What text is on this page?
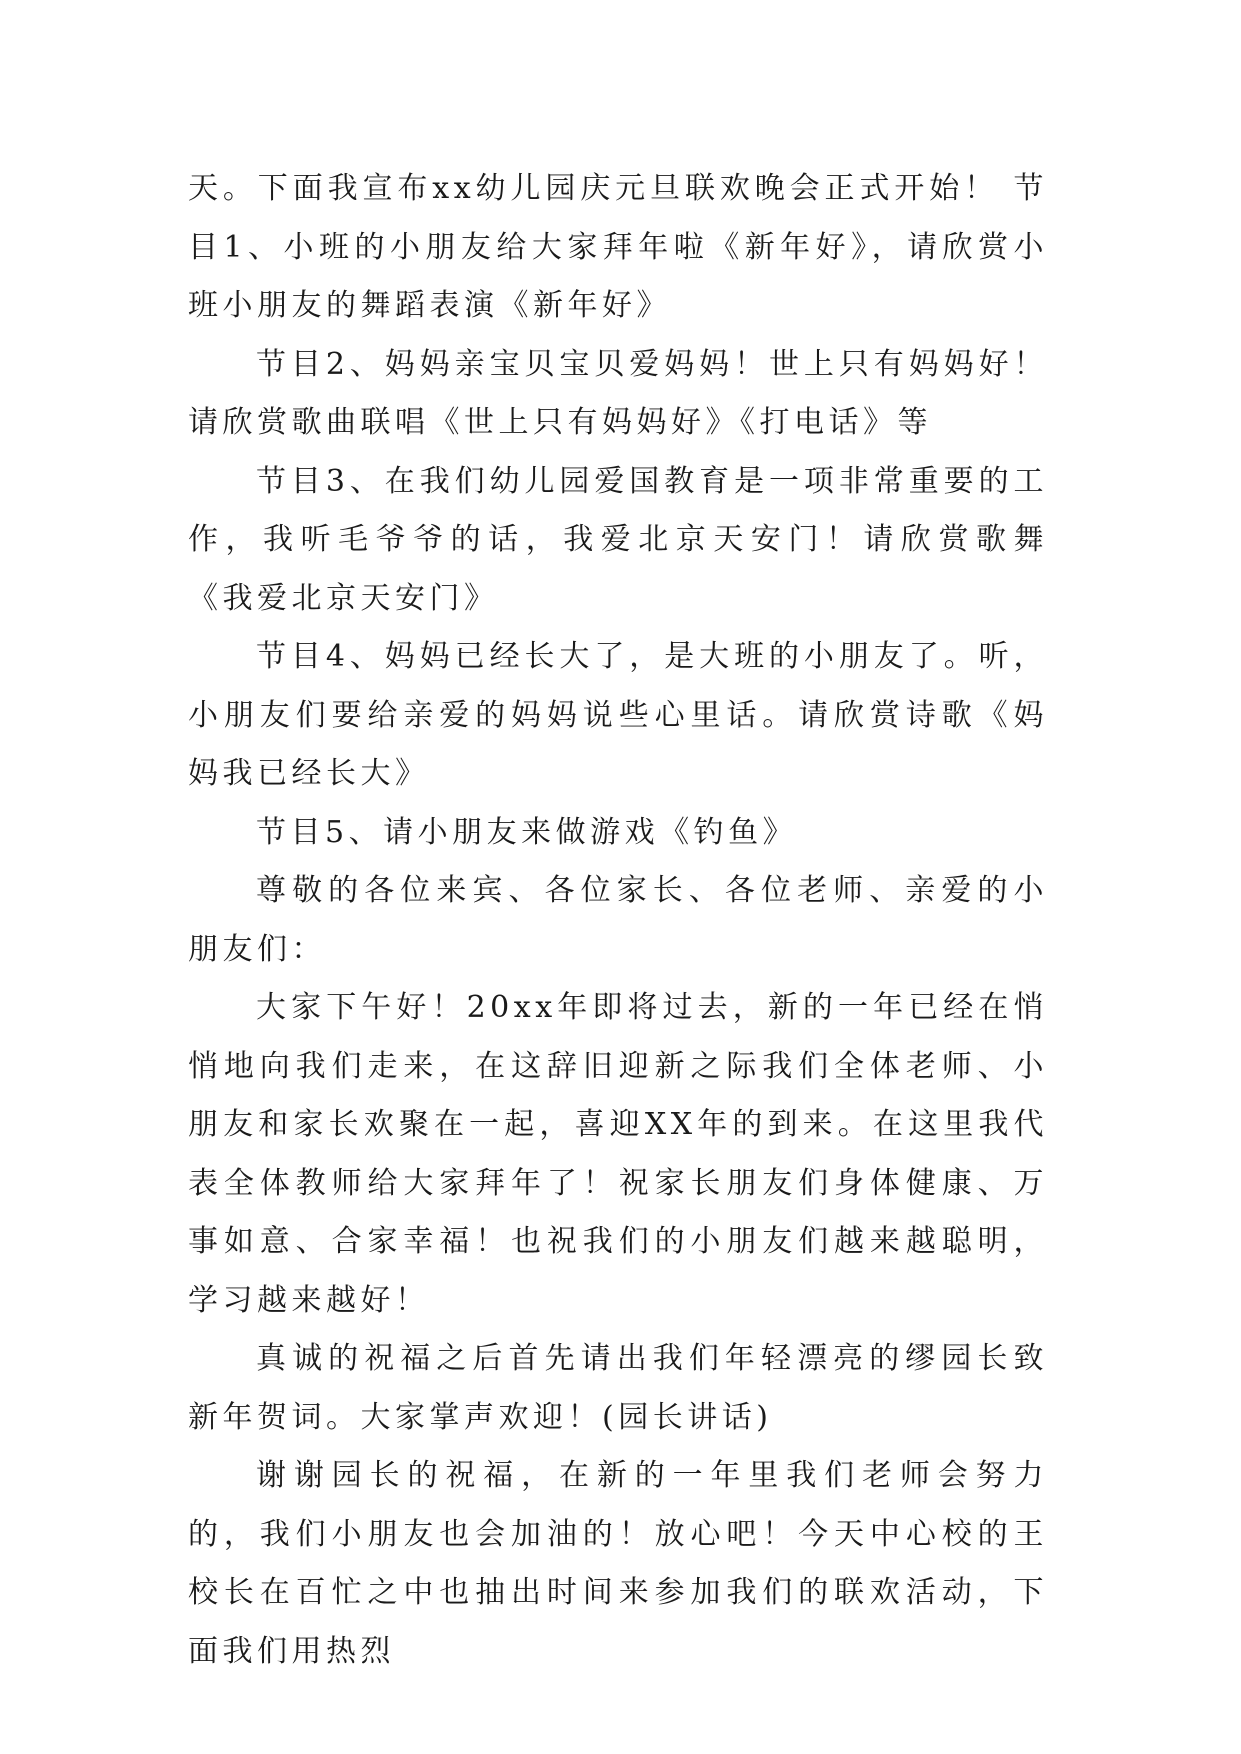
天。下面我宣布xx幼儿园庆元旦联欢晚会正式开始！ 节目1、小班的小朋友给大家拜年啦《新年好》，请欣赏小班小朋友的舞蹈表演《新年好》

节目2、妈妈亲宝贝宝贝爱妈妈！世上只有妈妈好！请欣赏歌曲联唱《世上只有妈妈好》《打电话》等

节目3、在我们幼儿园爱国教育是一项非常重要的工作，我听毛爷爷的话，我爱北京天安门！请欣赏歌舞《我爱北京天安门》

节目4、妈妈已经长大了，是大班的小朋友了。听，小朋友们要给亲爱的妈妈说些心里话。请欣赏诗歌《妈妈我已经长大》

节目5、请小朋友来做游戏《钓鱼》

尊敬的各位来宾、各位家长、各位老师、亲爱的小朋友们：

大家下午好！20xx年即将过去，新的一年已经在悄悄地向我们走来，在这辞旧迎新之际我们全体老师、小朋友和家长欢聚在一起，喜迎XX年的到来。在这里我代表全体教师给大家拜年了！祝家长朋友们身体健康、万事如意、合家幸福！也祝我们的小朋友们越来越聪明，学习越来越好！

真诚的祝福之后首先请出我们年轻漂亮的缪园长致新年贺词。大家掌声欢迎！(园长讲话)

谢谢园长的祝福，在新的一年里我们老师会努力的，我们小朋友也会加油的！放心吧！今天中心校的王校长在百忙之中也抽出时间来参加我们的联欢活动，下面我们用热烈
